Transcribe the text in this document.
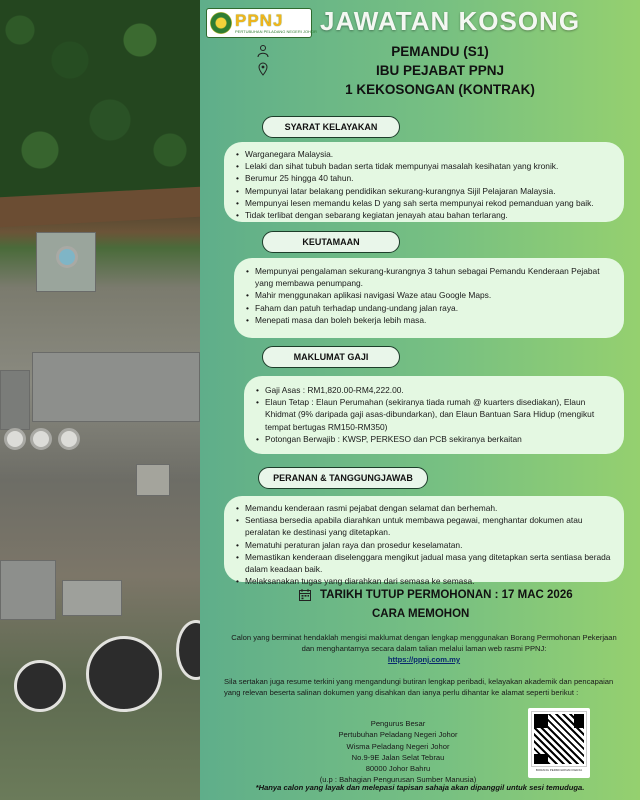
PPNJ
PERTUBUHAN PELADANG NEGERI JOHOR JAWATAN KOSONG
PEMANDU (S1)
IBU PEJABAT PPNJ
1 KEKOSONGAN (KONTRAK)
SYARAT KELAYAKAN
• Warganegara Malaysia.
• Lelaki dan sihat tubuh badan serta tidak mempunyai masalah kesihatan yang kronik.
• Berumur 25 hingga 40 tahun.
• Mempunyai latar belakang pendidikan sekurang-kurangnya Sijil Pelajaran Malaysia.
• Mempunyai lesen memandu kelas D yang sah serta mempunyai rekod pemanduan yang baik.
• Tidak terlibat dengan sebarang kegiatan jenayah atau bahan terlarang.
KEUTAMAAN
• Mempunyai pengalaman sekurang-kurangnya 3 tahun sebagai Pemandu Kenderaan Pejabat yang membawa penumpang.
• Mahir menggunakan aplikasi navigasi Waze atau Google Maps.
• Faham dan patuh terhadap undang-undang jalan raya.
• Menepati masa dan boleh bekerja lebih masa.
MAKLUMAT GAJI
• Gaji Asas : RM1,820.00-RM4,222.00.
• Elaun Tetap : Elaun Perumahan (sekiranya tiada rumah @ kuarters disediakan), Elaun Khidmat (9% daripada gaji asas-dibundarkan), dan Elaun Bantuan Sara Hidup (mengikut tempat bertugas RM150-RM350)
• Potongan Berwajib : KWSP, PERKESO dan PCB sekiranya berkaitan
PERANAN & TANGGUNGJAWAB
• Memandu kenderaan rasmi pejabat dengan selamat dan berhemah.
• Sentiasa bersedia apabila diarahkan untuk membawa pegawai, menghantar dokumen atau peralatan ke destinasi yang ditetapkan.
• Mematuhi peraturan jalan raya dan prosedur keselamatan.
• Memastikan kenderaan diselenggara mengikut jadual masa yang ditetapkan serta sentiasa berada dalam keadaan baik.
• Melaksanakan tugas yang diarahkan dari semasa ke semasa.
TARIKH TUTUP PERMOHONAN : 17 MAC 2026
CARA MEMOHON
Calon yang berminat hendaklah mengisi maklumat dengan lengkap menggunakan Borang Permohonan Pekerjaan dan menghantarnya secara dalam talian melalui laman web rasmi PPNJ:
https://ppnj.com.my
Sila sertakan juga resume terkini yang mengandungi butiran lengkap peribadi, kelayakan akademik dan pencapaian yang relevan beserta salinan dokumen yang disahkan dan ianya perlu dihantar ke alamat seperti berikut :
Pengurus Besar
Pertubuhan Peladang Negeri Johor
Wisma Peladang Negeri Johor
No.9-9E Jalan Selat Tebrau
80000 Johor Bahru
(u.p : Bahagian Pengurusan Sumber Manusia)
BORANG PERMOHONAN KERJA
*Hanya calon yang layak dan melepasi tapisan sahaja akan dipanggil untuk sesi temuduga.
